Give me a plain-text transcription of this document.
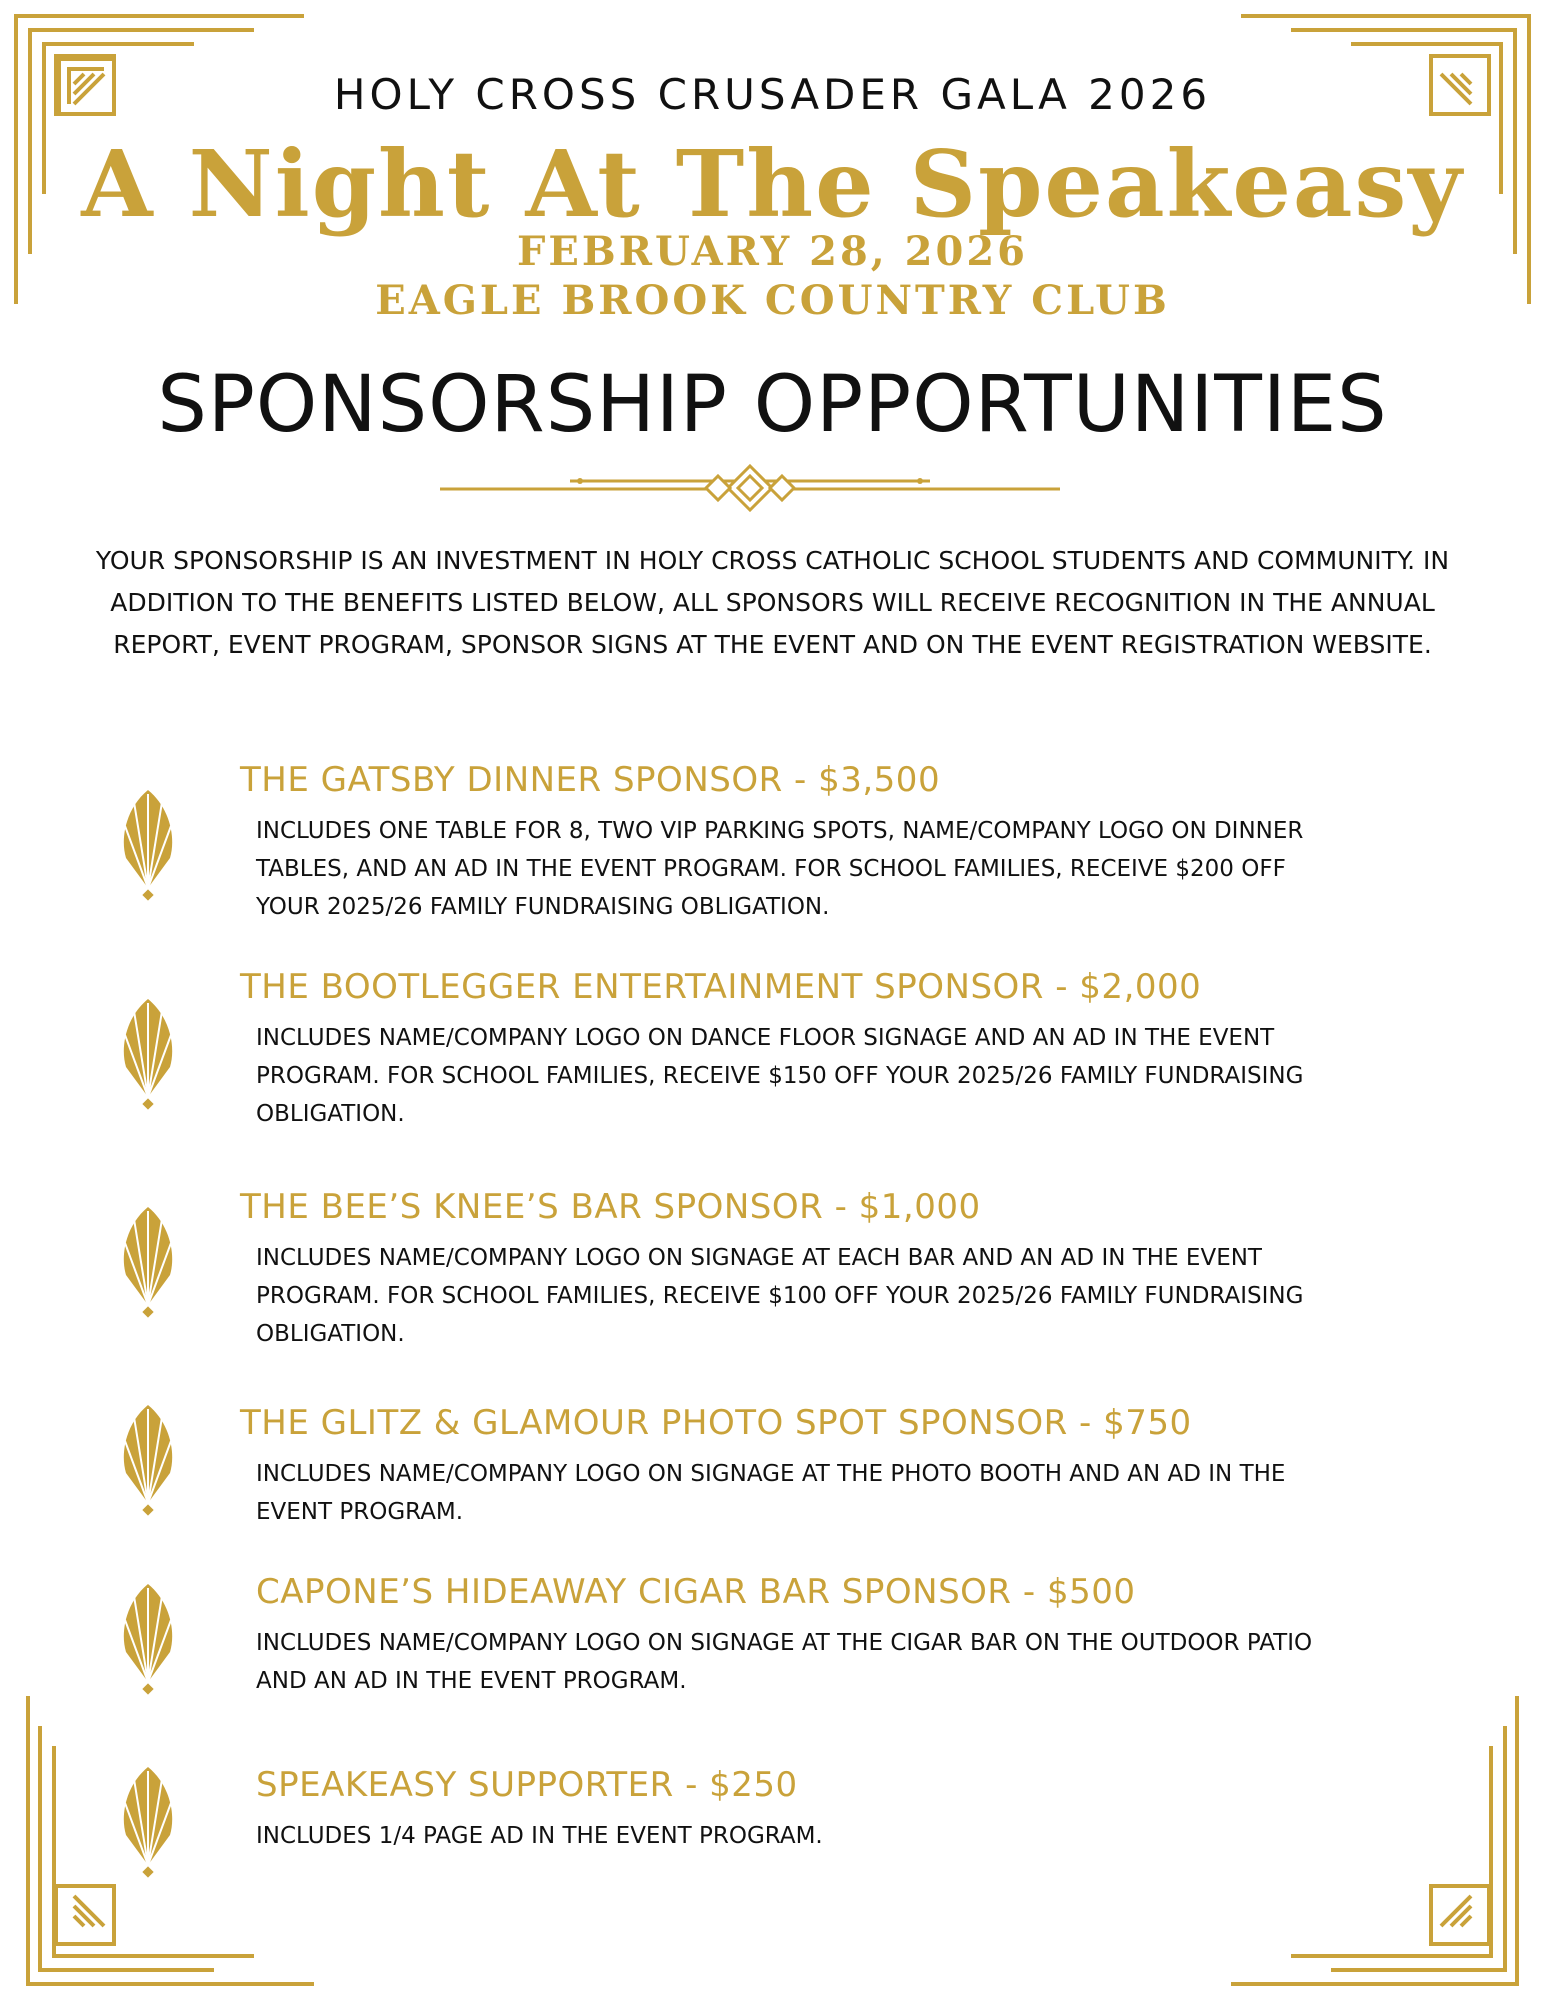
HOLY CROSS CRUSADER GALA 2026
A Night At The Speakeasy
FEBRUARY 28, 2026
EAGLE BROOK COUNTRY CLUB
SPONSORSHIP OPPORTUNITIES
YOUR SPONSORSHIP IS AN INVESTMENT IN HOLY CROSS CATHOLIC SCHOOL STUDENTS AND COMMUNITY. IN ADDITION TO THE BENEFITS LISTED BELOW, ALL SPONSORS WILL RECEIVE RECOGNITION IN THE ANNUAL REPORT, EVENT PROGRAM, SPONSOR SIGNS AT THE EVENT AND ON THE EVENT REGISTRATION WEBSITE.
THE GATSBY DINNER SPONSOR - $3,500
INCLUDES ONE TABLE FOR 8, TWO VIP PARKING SPOTS, NAME/COMPANY LOGO ON DINNER TABLES, AND AN AD IN THE EVENT PROGRAM. FOR SCHOOL FAMILIES, RECEIVE $200 OFF YOUR 2025/26 FAMILY FUNDRAISING OBLIGATION.
THE BOOTLEGGER ENTERTAINMENT SPONSOR - $2,000
INCLUDES NAME/COMPANY LOGO ON DANCE FLOOR SIGNAGE AND AN AD IN THE EVENT PROGRAM. FOR SCHOOL FAMILIES, RECEIVE $150 OFF YOUR 2025/26 FAMILY FUNDRAISING OBLIGATION.
THE BEE’S KNEE’S BAR SPONSOR - $1,000
INCLUDES NAME/COMPANY LOGO ON SIGNAGE AT EACH BAR AND AN AD IN THE EVENT PROGRAM. FOR SCHOOL FAMILIES, RECEIVE $100 OFF YOUR 2025/26 FAMILY FUNDRAISING OBLIGATION.
THE GLITZ & GLAMOUR PHOTO SPOT SPONSOR - $750
INCLUDES NAME/COMPANY LOGO ON SIGNAGE AT THE PHOTO BOOTH AND AN AD IN THE EVENT PROGRAM.
CAPONE’S HIDEAWAY CIGAR BAR SPONSOR - $500
INCLUDES NAME/COMPANY LOGO ON SIGNAGE AT THE CIGAR BAR ON THE OUTDOOR PATIO AND AN AD IN THE EVENT PROGRAM.
SPEAKEASY SUPPORTER - $250
INCLUDES 1/4 PAGE AD IN THE EVENT PROGRAM.
